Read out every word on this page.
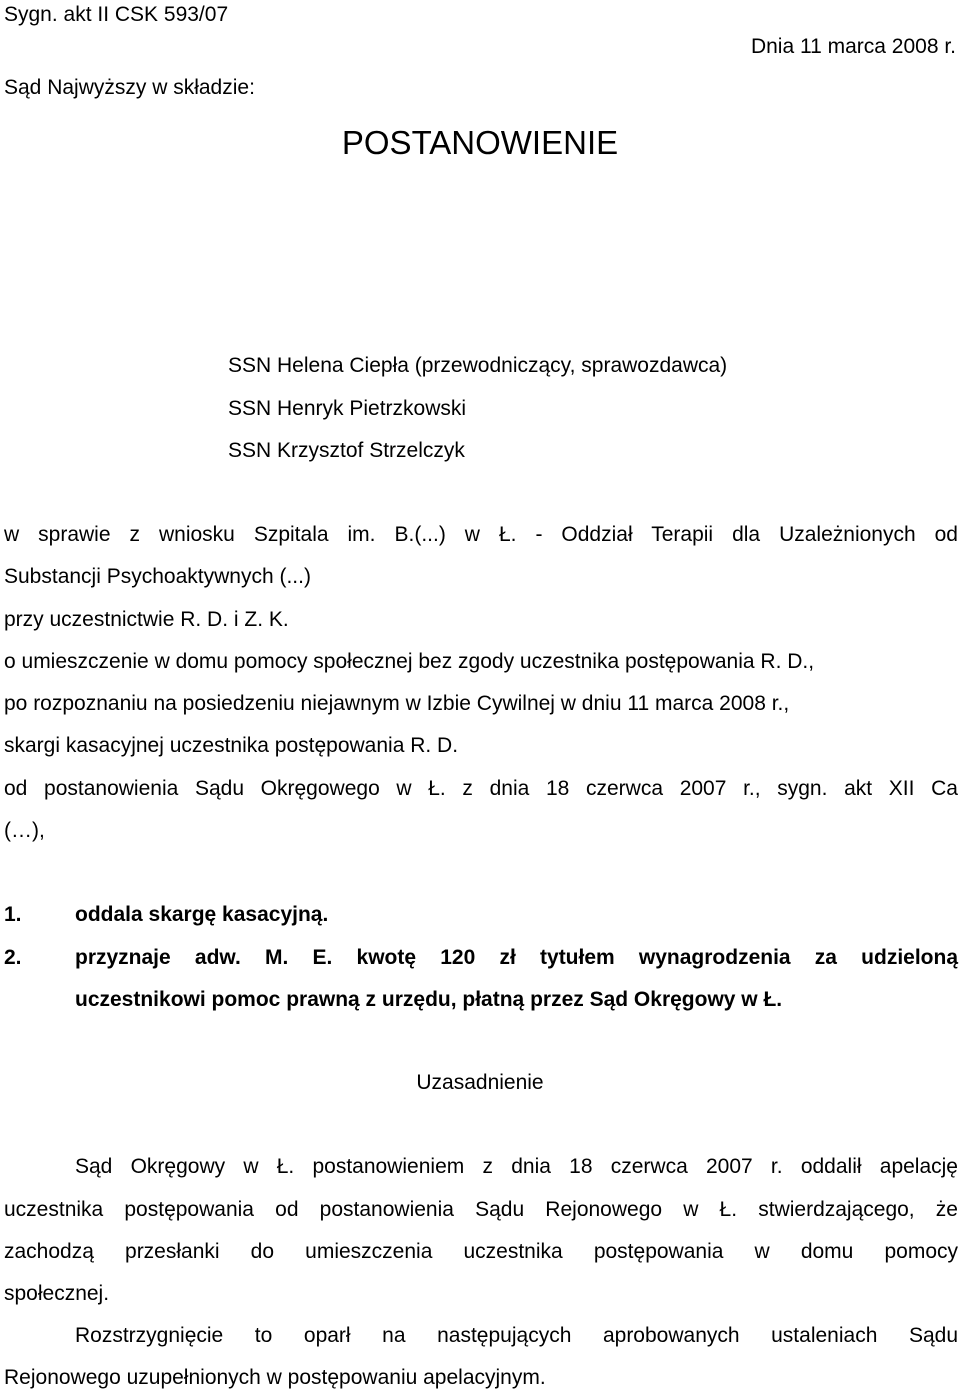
Sygn. akt II CSK 593/07
Dnia 11 marca 2008 r.
POSTANOWIENIE
Sąd Najwyższy w składzie:
SSN Helena Ciepła (przewodniczący, sprawozdawca)
SSN Henryk Pietrzkowski
SSN Krzysztof Strzelczyk
w sprawie z wniosku Szpitala im. B.(...) w Ł. - Oddział Terapii dla Uzależnionych od
Substancji Psychoaktywnych (...)
przy uczestnictwie R. D. i Z. K.
o umieszczenie w domu pomocy społecznej bez zgody uczestnika postępowania R. D.,
po rozpoznaniu na posiedzeniu niejawnym w Izbie Cywilnej w dniu 11 marca 2008 r.,
skargi kasacyjnej uczestnika postępowania R. D.
od postanowienia Sądu Okręgowego w Ł. z dnia 18 czerwca 2007 r., sygn. akt XII Ca
(…),
1.	oddala skargę kasacyjną.
2.	przyznaje adw. M. E. kwotę 120 zł tytułem wynagrodzenia za udzieloną
uczestnikowi pomoc prawną z urzędu, płatną przez Sąd Okręgowy w Ł.
Uzasadnienie
Sąd Okręgowy w Ł. postanowieniem z dnia 18 czerwca 2007 r. oddalił apelację
uczestnika postępowania od postanowienia Sądu Rejonowego w Ł. stwierdzającego, że
zachodzą przesłanki do umieszczenia uczestnika postępowania w domu pomocy
społecznej.
Rozstrzygnięcie to oparł na następujących aprobowanych ustaleniach Sądu
Rejonowego uzupełnionych w postępowaniu apelacyjnym.
